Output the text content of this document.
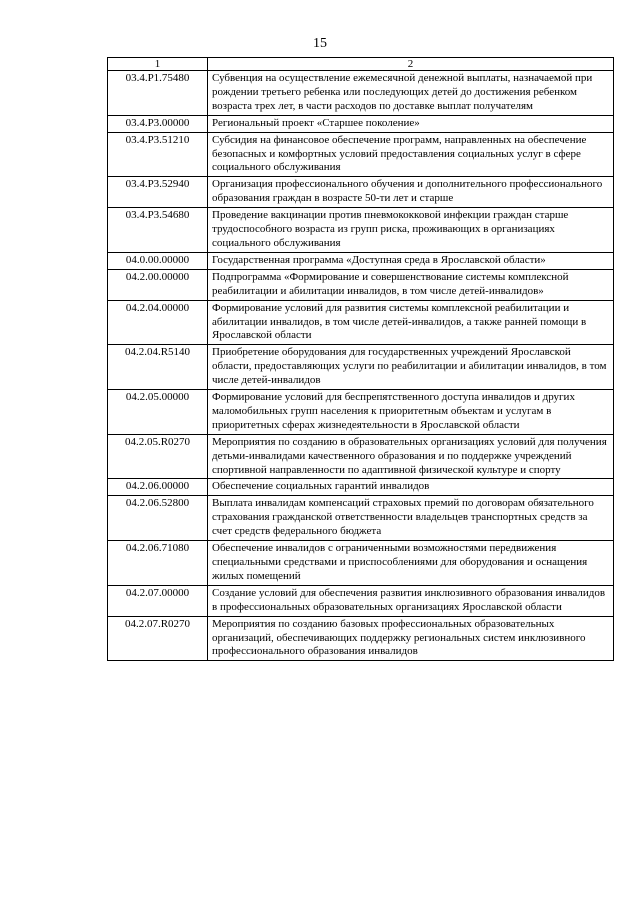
15
1	2
03.4.P1.75480	Субвенция на осуществление ежемесячной денежной выплаты, назначаемой при рождении третьего ребенка или последующих детей до достижения ребенком возраста трех лет, в части расходов по доставке выплат получателям
03.4.P3.00000	Региональный проект «Старшее поколение»
03.4.P3.51210	Субсидия на финансовое обеспечение программ, направленных на обеспечение безопасных и комфортных условий предоставления социальных услуг в сфере социального обслуживания
03.4.P3.52940	Организация профессионального обучения и дополнительного профессионального образования граждан в возрасте 50-ти лет и старше
03.4.P3.54680	Проведение вакцинации против пневмококковой инфекции граждан старше трудоспособного возраста из групп риска, проживающих в организациях социального обслуживания
04.0.00.00000	Государственная программа «Доступная среда в Ярославской области»
04.2.00.00000	Подпрограмма «Формирование и совершенствование системы комплексной реабилитации и абилитации инвалидов, в том числе детей-инвалидов»
04.2.04.00000	Формирование условий для развития системы комплексной реабилитации и абилитации инвалидов, в том числе детей-инвалидов, а также ранней помощи в Ярославской области
04.2.04.R5140	Приобретение оборудования для государственных учреждений Ярославской области, предоставляющих услуги по реабилитации и абилитации инвалидов, в том числе детей-инвалидов
04.2.05.00000	Формирование условий для беспрепятственного доступа инвалидов и других маломобильных групп населения к приоритетным объектам и услугам в приоритетных сферах жизнедеятельности в Ярославской области
04.2.05.R0270	Мероприятия по созданию в образовательных организациях условий для получения детьми-инвалидами качественного образования и по поддержке учреждений спортивной направленности по адаптивной физической культуре и спорту
04.2.06.00000	Обеспечение социальных гарантий инвалидов
04.2.06.52800	Выплата инвалидам компенсаций страховых премий по договорам обязательного страхования гражданской ответственности владельцев транспортных средств за счет средств федерального бюджета
04.2.06.71080	Обеспечение инвалидов с ограниченными возможностями передвижения специальными средствами и приспособлениями для оборудования и оснащения жилых помещений
04.2.07.00000	Создание условий для обеспечения развития инклюзивного образования инвалидов в профессиональных образовательных организациях Ярославской области
04.2.07.R0270	Мероприятия по созданию базовых профессиональных образовательных организаций, обеспечивающих поддержку региональных систем инклюзивного профессионального образования инвалидов
